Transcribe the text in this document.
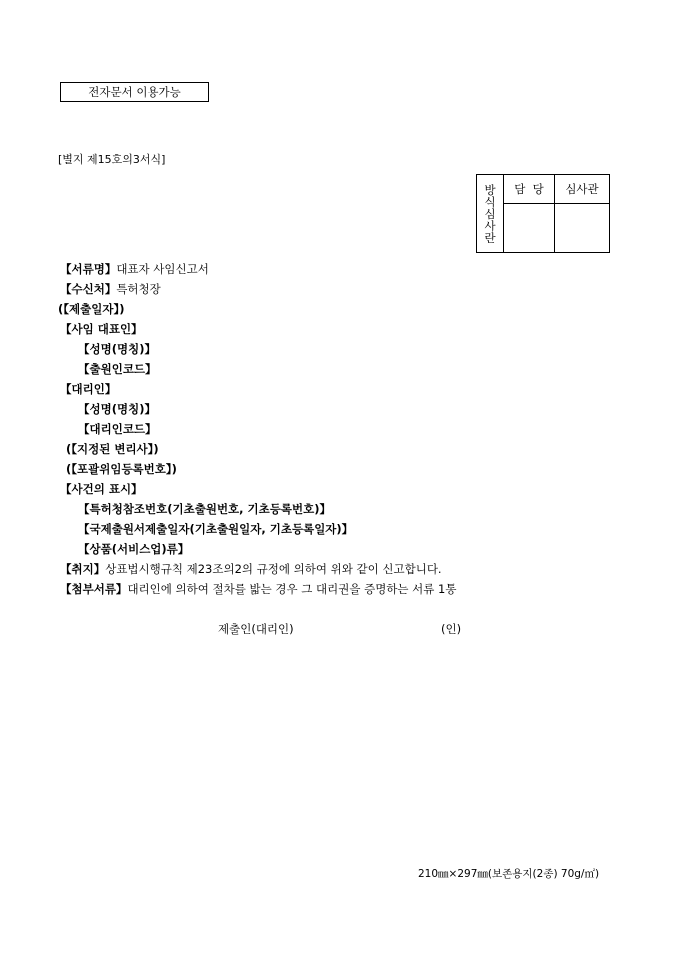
전자문서 이용가능
[별지 제15호의3서식]
방
식
심
사
란	담  당	심사관

【서류명】대표자 사임신고서
【수신처】특허청장
(【제출일자】)
【사임 대표인】
【성명(명칭)】
【출원인코드】
【대리인】
【성명(명칭)】
【대리인코드】
(【지정된 변리사】)
(【포괄위임등록번호】)
【사건의 표시】
【특허청참조번호(기초출원번호, 기초등록번호)】
【국제출원서제출일자(기초출원일자, 기초등록일자)】
【상품(서비스업)류】
【취지】상표법시행규칙 제23조의2의 규정에 의하여 위와 같이 신고합니다.
【첨부서류】대리인에 의하여 절차를 밟는 경우 그 대리권을 증명하는 서류 1통
제출인(대리인)	(인)
210㎜×297㎜(보존용지(2종) 70g/㎡)
